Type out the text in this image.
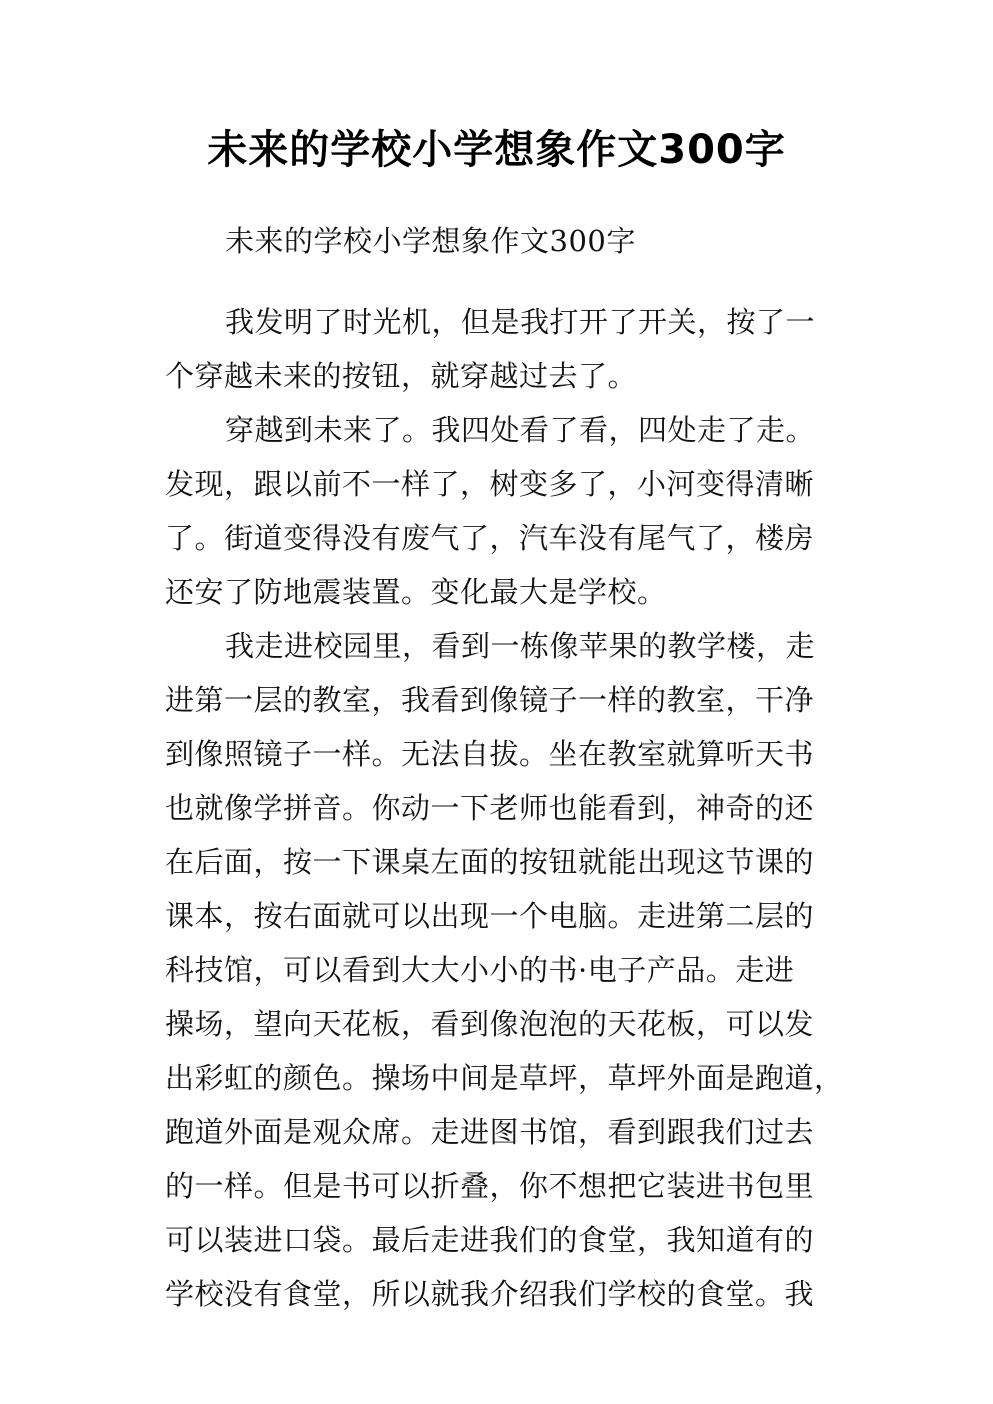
未来的学校小学想象作文300字
未来的学校小学想象作文300字
我发明了时光机，但是我打开了开关，按了一
个穿越未来的按钮，就穿越过去了。
穿越到未来了。我四处看了看，四处走了走。
发现，跟以前不一样了，树变多了，小河变得清晰
了。街道变得没有废气了，汽车没有尾气了，楼房
还安了防地震装置。变化最大是学校。
我走进校园里，看到一栋像苹果的教学楼，走
进第一层的教室，我看到像镜子一样的教室，干净
到像照镜子一样。无法自拔。坐在教室就算听天书
也就像学拼音。你动一下老师也能看到，神奇的还
在后面，按一下课桌左面的按钮就能出现这节课的
课本，按右面就可以出现一个电脑。走进第二层的
科技馆，可以看到大大小小的书·电子产品。走进
操场，望向天花板，看到像泡泡的天花板，可以发
出彩虹的颜色。操场中间是草坪，草坪外面是跑道，
跑道外面是观众席。走进图书馆，看到跟我们过去
的一样。但是书可以折叠，你不想把它装进书包里
可以装进口袋。最后走进我们的食堂，我知道有的
学校没有食堂，所以就我介绍我们学校的食堂。我
